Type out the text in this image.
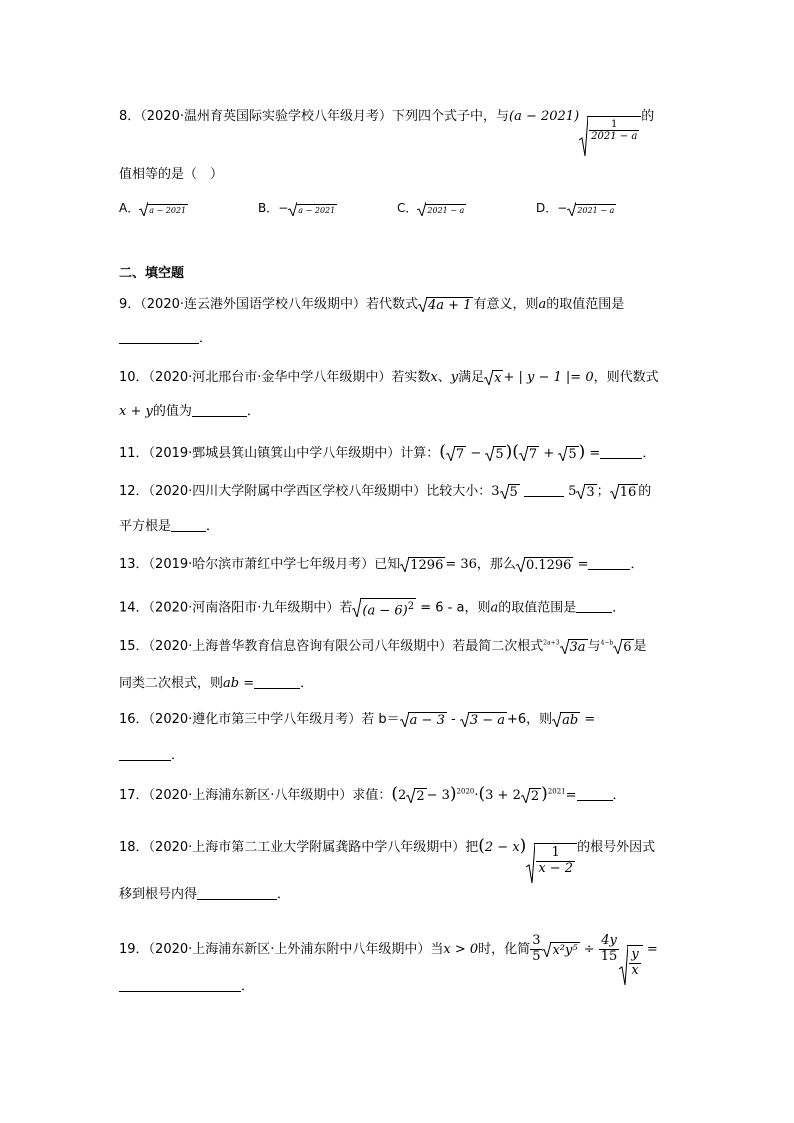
8．（2020·温州育英国际实验学校八年级月考）下列四个式子中，与(a − 2021)
$\frac{1}{2021 - a}$
的
值相等的是（　）
A． a − 2021	B．− a − 2021	C． 2021 − a	D．− 2021 − a
二、填空题
9．（2020·连云港外国语学校八年级期中）若代数式 4a + 1 有意义，则a的取值范围是
．
10．（2020·河北邢台市·金华中学八年级期中）若实数x、y满足 x + | y − 1 |= 0，则代数式
x + y的值为	．
11．（2019·鄄城县箕山镇箕山中学八年级期中）计算：( 7 −
5 )( 7 +
5 ) =	．
12．（2020·四川大学附属中学西区学校八年级期中）比较大小：3 5	5 3 ； 16 的
平方根是	．
13．（2019·哈尔滨市萧红中学七年级月考）已知 1296 = 36，那么 0.1296 =	．
14．（2020·河南洛阳市·九年级期中）若 $(a - 6)^2 = 6 - a$，则a的取值范围是	．
15．（2020·上海普华教育信息咨询有限公司八年级期中）若最简二次根式$^{2a+3}$ 3a 与$^{4-b}$ 6 是
同类二次根式，则ab =	．
16．（2020·遵化市第三中学八年级月考）若 b＝ a − 3 -
3 − a +6，则 ab =
．
17．（2020·上海浦东新区·八年级期中）求值：(2 2 − 3)$^{2020}$·(3 + 2 2 )$^{2021}$=	．
18．（2020·上海市第二工业大学附属龚路中学八年级期中）把(2 − x)
$\frac{1}{x - 2}$ 的根号外因式
移到根号内得	．
19．（2020·上海浦东新区·上外浦东附中八年级期中）当x > 0时，化简 $\frac{3}{5} x^2y^5 \div \frac{4y}{15} \frac{y}{x}$ =
．
